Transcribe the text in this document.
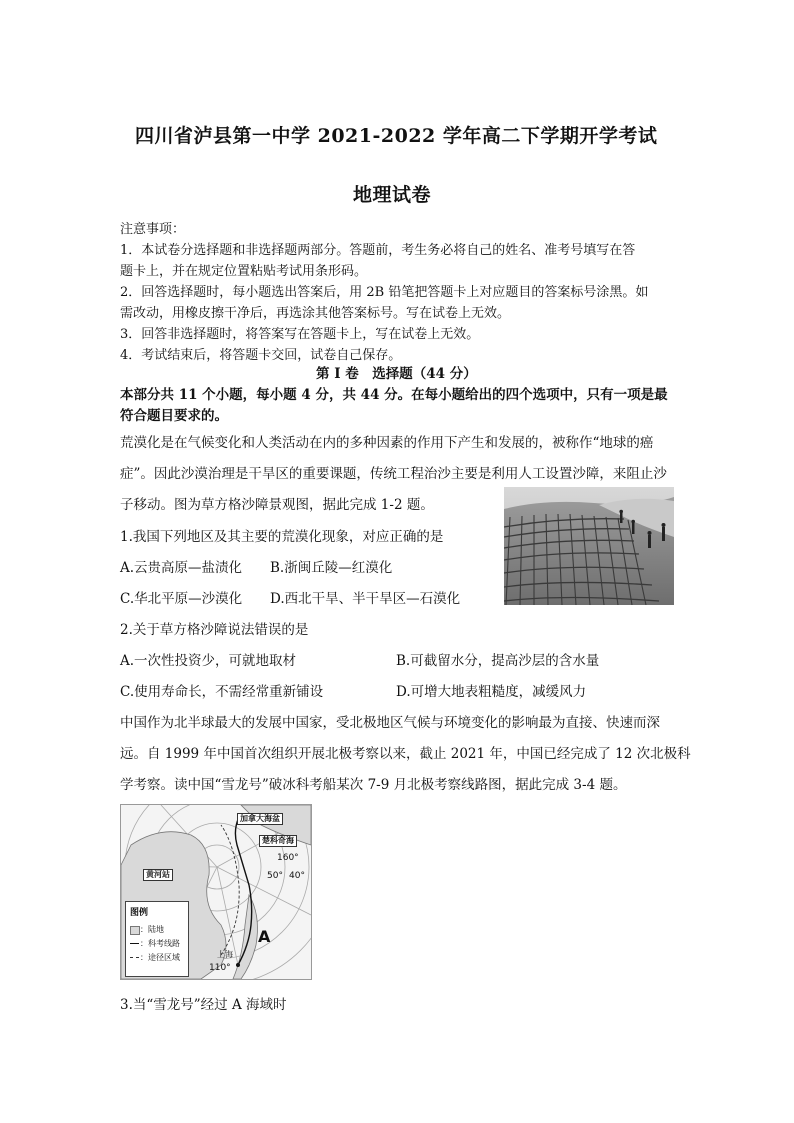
四川省泸县第一中学 2021-2022 学年高二下学期开学考试
地理试卷
注意事项：
1．本试卷分选择题和非选择题两部分。答题前，考生务必将自己的姓名、准考号填写在答
题卡上，并在规定位置粘贴考试用条形码。
2．回答选择题时，每小题选出答案后，用 2B 铅笔把答题卡上对应题目的答案标号涂黑。如
需改动，用橡皮擦干净后，再选涂其他答案标号。写在试卷上无效。
3．回答非选择题时，将答案写在答题卡上，写在试卷上无效。
4．考试结束后，将答题卡交回，试卷自己保存。
第 I 卷　选择题（44 分）
本部分共 11 个小题，每小题 4 分，共 44 分。在每小题给出的四个选项中，只有一项是最
符合题目要求的。
荒漠化是在气候变化和人类活动在内的多种因素的作用下产生和发展的，被称作“地球的癌
症”。因此沙漠治理是干旱区的重要课题，传统工程治沙主要是利用人工设置沙障，来阻止沙
子移动。图为草方格沙障景观图，据此完成 1-2 题。
1.我国下列地区及其主要的荒漠化现象，对应正确的是
A.云贵高原—盐渍化 B.浙闽丘陵—红漠化
C.华北平原—沙漠化 D.西北干旱、半干旱区—石漠化
2.关于草方格沙障说法错误的是
A.一次性投资少，可就地取材	B.可截留水分，提高沙层的含水量
C.使用寿命长，不需经常重新铺设	D.可增大地表粗糙度，减缓风力
中国作为北半球最大的发展中国家，受北极地区气候与环境变化的影响最为直接、快速而深
远。自 1999 年中国首次组织开展北极考察以来，截止 2021 年，中国已经完成了 12 次北极科
学考察。读中国“雪龙号”破冰科考船某次 7-9 月北极考察线路图，据此完成 3-4 题。
加拿大海盆
楚科奇海
黄河站
160°
50° 40°
A
上海
110°
图例
：陆地
：科考线路
：途径区域
3.当“雪龙号”经过 A 海域时
